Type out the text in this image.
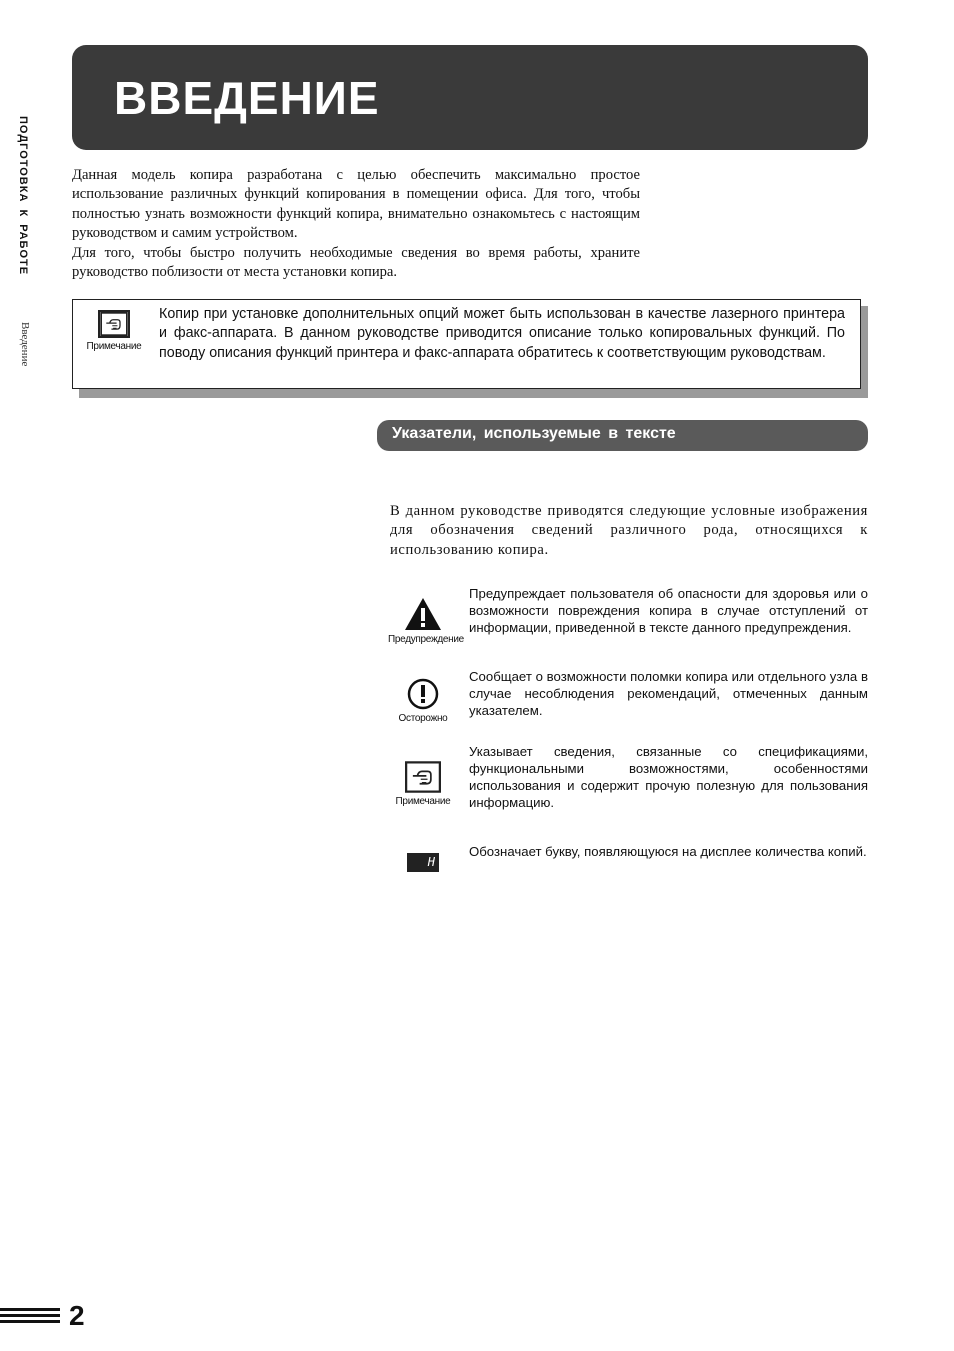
ПОДГОТОВКА К РАБОТЕ
Введение
ВВЕДЕНИЕ

Данная модель копира разработана с целью обеспечить максимально простое использование различных функций копирования в помещении офиса. Для того, чтобы полностью узнать возможности функций копира, внимательно ознакомьтесь с настоящим руководством и самим устройством.

Для того, чтобы быстро получить необходимые сведения во время работы, храните руководство поблизости от места установки копира.

Примечание
Копир при установке дополнительных опций может быть использован в качестве лазерного принтера и факс-аппарата. В данном руководстве приводится описание только копировальных функций. По поводу описания функций принтера и факс-аппарата обратитесь к соответствующим руководствам.
Указатели, используемые в тексте
В данном руководстве приводятся следующие условные изображения для обозначения сведений различного рода, относящихся к использованию копира.
Предупреждение
Предупреждает пользователя об опасности для здоровья или о возможности повреждения копира в случае отступлений от информации, приведенной в тексте данного предупреждения.
Осторожно
Сообщает о возможности поломки копира или отдельного узла в случае несоблюдения рекомендаций, отмеченных данным указателем.
Примечание
Указывает сведения, связанные со спецификациями, функциональными возможностями, особенностями использования и содержит прочую полезную для пользования информацию.
H
Обозначает букву, появляющуюся на дисплее количества копий.
2
